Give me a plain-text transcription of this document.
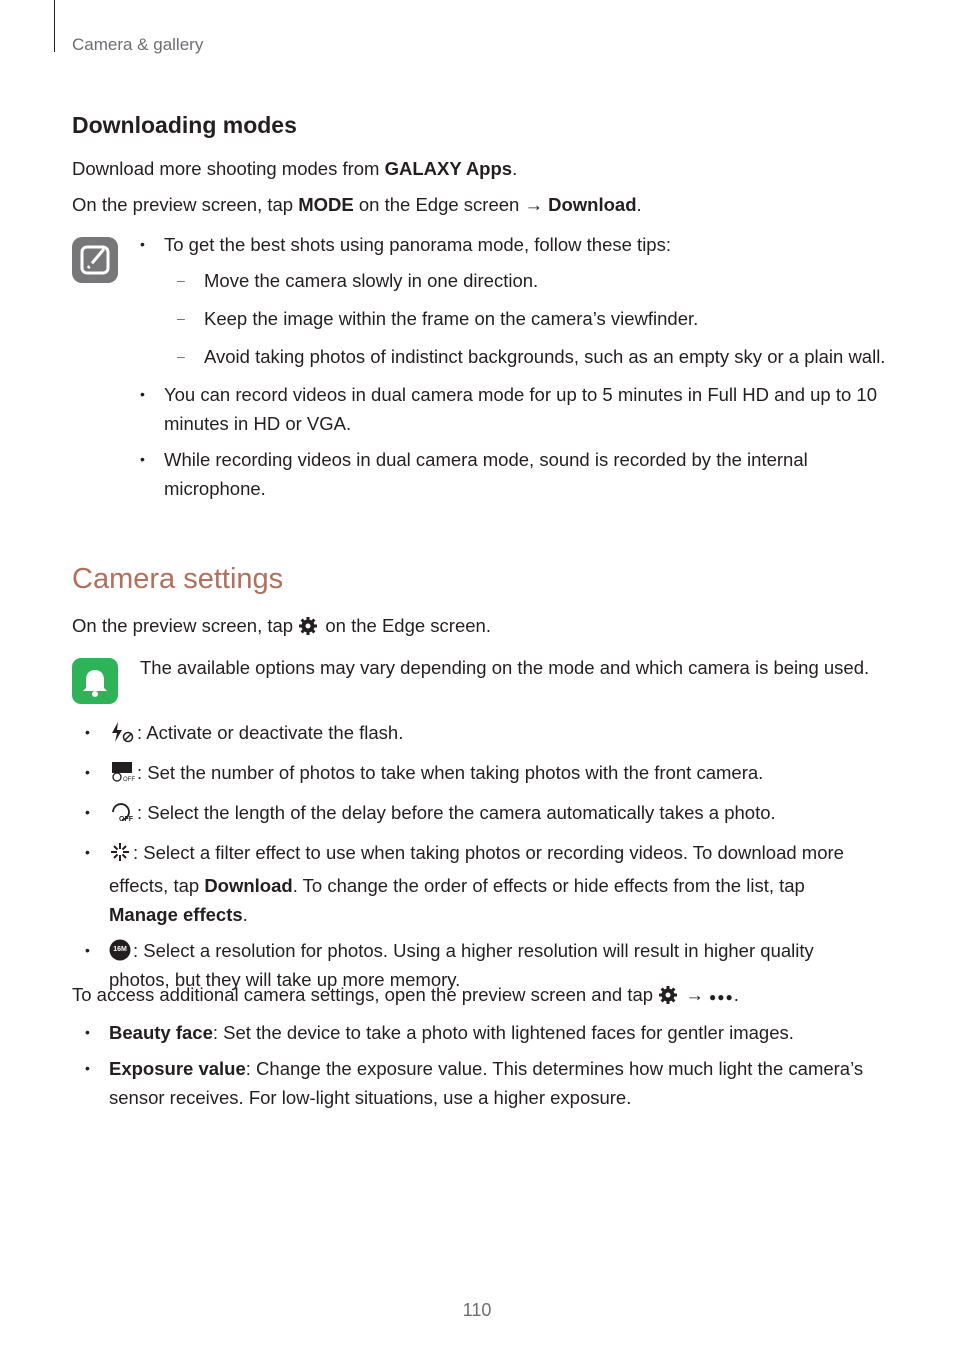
Camera & gallery
Downloading modes
Download more shooting modes from GALAXY Apps.
On the preview screen, tap MODE on the Edge screen → Download.
• To get the best shots using panorama mode, follow these tips:
– Move the camera slowly in one direction.
– Keep the image within the frame on the camera’s viewfinder.
– Avoid taking photos of indistinct backgrounds, such as an empty sky or a plain wall.
• You can record videos in dual camera mode for up to 5 minutes in Full HD and up to 10 minutes in HD or VGA.
• While recording videos in dual camera mode, sound is recorded by the internal microphone.
Camera settings
On the preview screen, tap  on the Edge screen.
The available options may vary depending on the mode and which camera is being used.
• : Activate or deactivate the flash.
• OFF : Set the number of photos to take when taking photos with the front camera.
• OFF : Select the length of the delay before the camera automatically takes a photo.
• : Select a filter effect to use when taking photos or recording videos. To download more effects, tap Download. To change the order of effects or hide effects from the list, tap Manage effects.
• 16M : Select a resolution for photos. Using a higher resolution will result in higher quality photos, but they will take up more memory.
To access additional camera settings, open the preview screen and tap  → ●●●.
• Beauty face: Set the device to take a photo with lightened faces for gentler images.
• Exposure value: Change the exposure value. This determines how much light the camera’s sensor receives. For low-light situations, use a higher exposure.
110
